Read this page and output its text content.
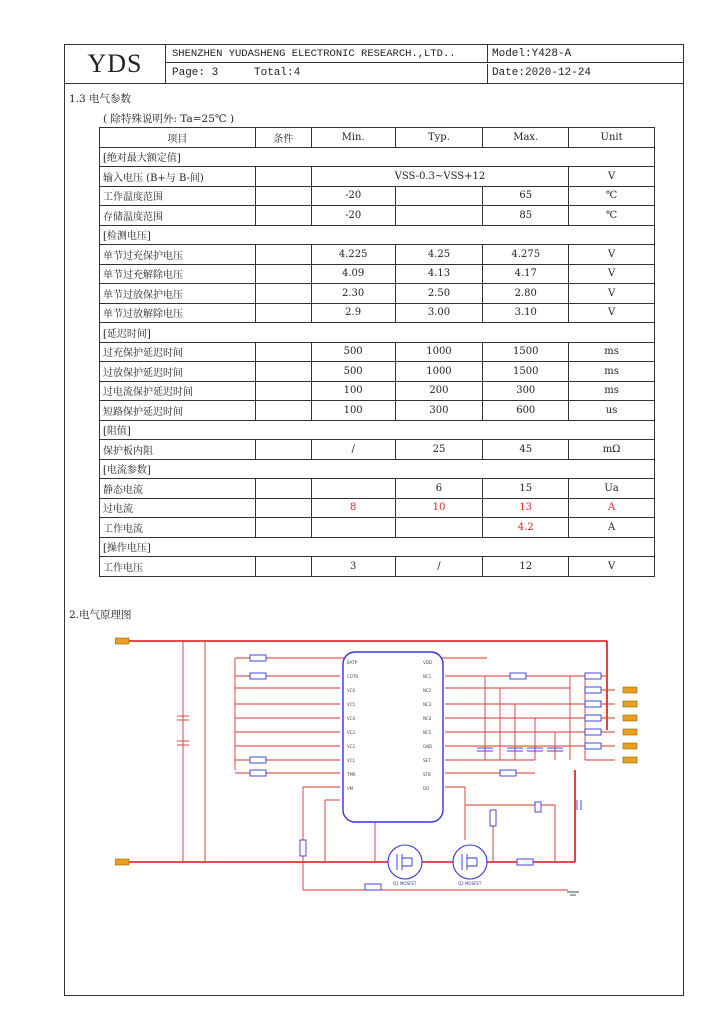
YDS	SHENZHEN YUDASHENG ELECTRONIC RESEARCH.,LTD..	Model:Y428-A
Page: 3	Total:4	Date:2020-12-24
1.3 电气参数
( 除特殊说明外: Ta=25℃ )
项目	条件	Min.	Typ.	Max.	Unit
[绝对最大额定值]					
输入电压 (B+与 B-间)		VSS-0.3~VSS+12			V
工作温度范围		-20		65	℃
存储温度范围		-20		85	℃
[检测电压]					
单节过充保护电压		4.225	4.25	4.275	V
单节过充解除电压		4.09	4.13	4.17	V
单节过放保护电压		2.30	2.50	2.80	V
单节过放解除电压		2.9	3.00	3.10	V
[延迟时间]					
过充保护延迟时间		500	1000	1500	ms
过放保护延迟时间		500	1000	1500	ms
过电流保护延迟时间		100	200	300	ms
短路保护延迟时间		100	300	600	us
[阻值]					
保护板内阻		/	25	45	mΩ
[电流参数]					
静态电流			6	15	Ua
过电流		8	10	13	A
工作电流				4.2	A
[操作电压]					
工作电压		3	/	12	V
2.电气原理图
BATP
COTR
VC6
VC5
VC4
VC3
VC2
VC1
TMR
VM
VDD
NC1
NC2
NC3
NC4
NC5
GND
SET
STB
DO
Q1 MOSFET	Q2 MOSFET
